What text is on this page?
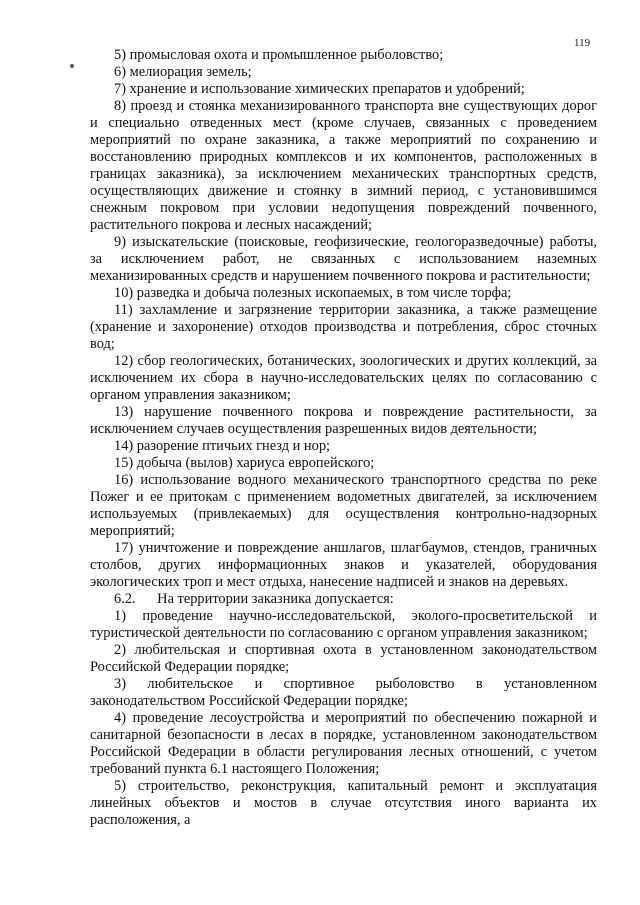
119

5) промысловая охота и промышленное рыболовство;

6) мелиорация земель;

7) хранение и использование химических препаратов и удобрений;

8) проезд и стоянка механизированного транспорта вне существующих дорог и специально отведенных мест (кроме случаев, связанных с проведением мероприятий по охране заказника, а также мероприятий по сохранению и восстановлению природных комплексов и их компонентов, расположенных в границах заказника), за исключением механических транспортных средств, осуществляющих движение и стоянку в зимний период, с установившимся снежным покровом при условии недопущения повреждений почвенного, растительного покрова и лесных насаждений;

9) изыскательские (поисковые, геофизические, геологоразведочные) работы, за исключением работ, не связанных с использованием наземных механизированных средств и нарушением почвенного покрова и растительности;

10) разведка и добыча полезных ископаемых, в том числе торфа;

11) захламление и загрязнение территории заказника, а также размещение (хранение и захоронение) отходов производства и потребления, сброс сточных вод;

12) сбор геологических, ботанических, зоологических и других коллекций, за исключением их сбора в научно-исследовательских целях по согласованию с органом управления заказником;

13) нарушение почвенного покрова и повреждение растительности, за исключением случаев осуществления разрешенных видов деятельности;

14) разорение птичьих гнезд и нор;

15) добыча (вылов) хариуса европейского;

16) использование водного механического транспортного средства по реке Пожег и ее притокам с применением водометных двигателей, за исключением используемых (привлекаемых) для осуществления контрольно-надзорных мероприятий;

17) уничтожение и повреждение аншлагов, шлагбаумов, стендов, граничных столбов, других информационных знаков и указателей, оборудования экологических троп и мест отдыха, нанесение надписей и знаков на деревьях.

6.2.      На территории заказника допускается:

1) проведение научно-исследовательской, эколого-просветительской и туристической деятельности по согласованию с органом управления заказником;

2) любительская и спортивная охота в установленном законодательством Российской Федерации порядке;

3) любительское и спортивное рыболовство в установленном законодательством Российской Федерации порядке;

4) проведение лесоустройства и мероприятий по обеспечению пожарной и санитарной безопасности в лесах в порядке, установленном законодательством Российской Федерации в области регулирования лесных отношений, с учетом требований пункта 6.1 настоящего Положения;

5) строительство, реконструкция, капитальный ремонт и эксплуатация линейных объектов и мостов в случае отсутствия иного варианта их расположения, а
